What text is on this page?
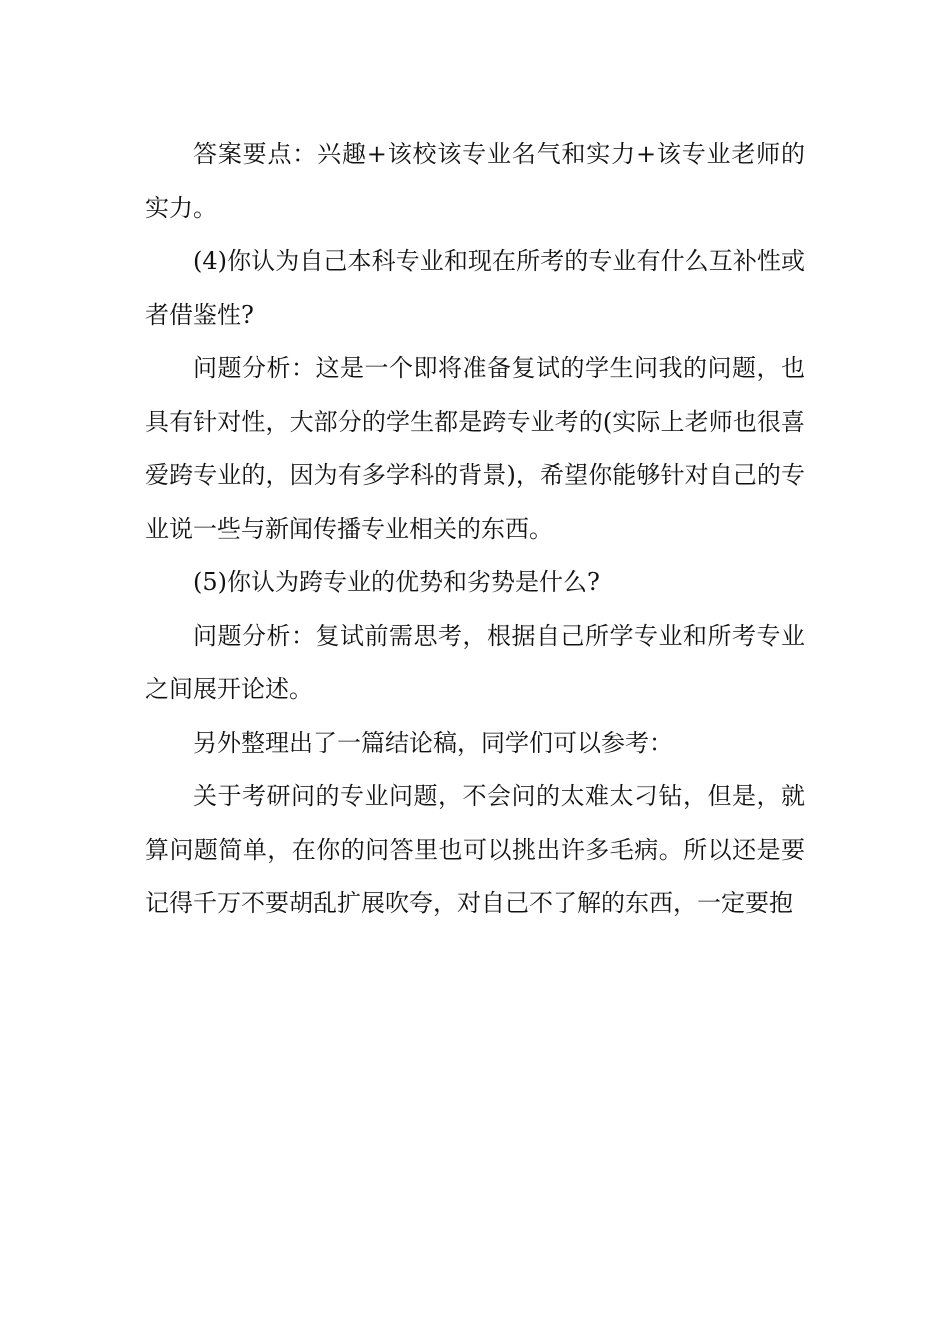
答案要点：兴趣+该校该专业名气和实力+该专业老师的实力。

(4)你认为自己本科专业和现在所考的专业有什么互补性或者借鉴性?

问题分析：这是一个即将准备复试的学生问我的问题，也具有针对性，大部分的学生都是跨专业考的(实际上老师也很喜爱跨专业的，因为有多学科的背景)，希望你能够针对自己的专业说一些与新闻传播专业相关的东西。

(5)你认为跨专业的优势和劣势是什么?

问题分析：复试前需思考，根据自己所学专业和所考专业之间展开论述。

另外整理出了一篇结论稿，同学们可以参考：

关于考研问的专业问题，不会问的太难太刁钻，但是，就算问题简单，在你的问答里也可以挑出许多毛病。所以还是要记得千万不要胡乱扩展吹夸，对自己不了解的东西，一定要抱
